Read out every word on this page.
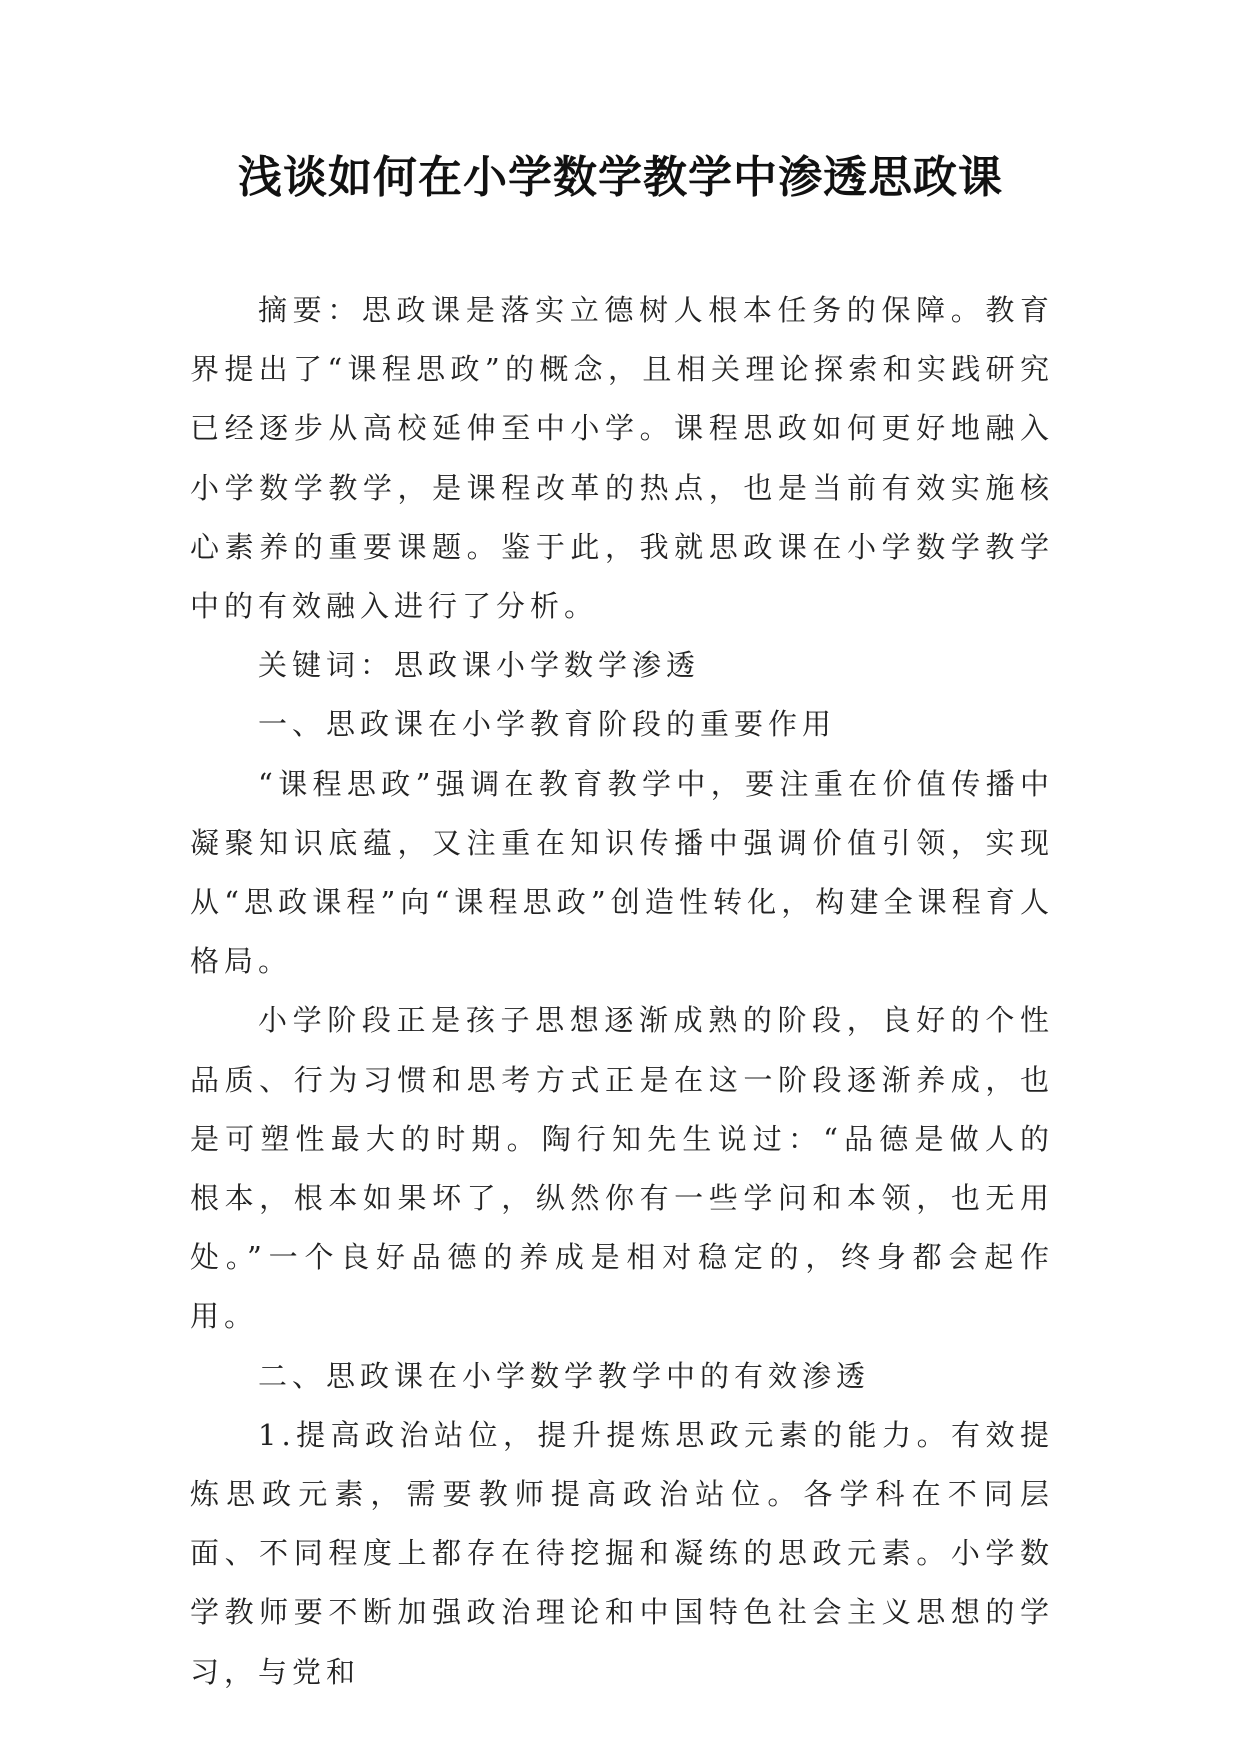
浅谈如何在小学数学教学中渗透思政课

摘要：思政课是落实立德树人根本任务的保障。教育界提出了“课程思政”的概念，且相关理论探索和实践研究已经逐步从高校延伸至中小学。课程思政如何更好地融入小学数学教学，是课程改革的热点，也是当前有效实施核心素养的重要课题。鉴于此，我就思政课在小学数学教学中的有效融入进行了分析。

关键词：思政课小学数学渗透

一、思政课在小学教育阶段的重要作用

“课程思政”强调在教育教学中，要注重在价值传播中凝聚知识底蕴，又注重在知识传播中强调价值引领，实现从“思政课程”向“课程思政”创造性转化，构建全课程育人格局。

小学阶段正是孩子思想逐渐成熟的阶段，良好的个性品质、行为习惯和思考方式正是在这一阶段逐渐养成，也是可塑性最大的时期。陶行知先生说过：“品德是做人的根本，根本如果坏了，纵然你有一些学问和本领，也无用处。”一个良好品德的养成是相对稳定的，终身都会起作用。

二、思政课在小学数学教学中的有效渗透

1.提高政治站位，提升提炼思政元素的能力。有效提炼思政元素，需要教师提高政治站位。各学科在不同层面、不同程度上都存在待挖掘和凝练的思政元素。小学数学教师要不断加强政治理论和中国特色社会主义思想的学习，与党和
